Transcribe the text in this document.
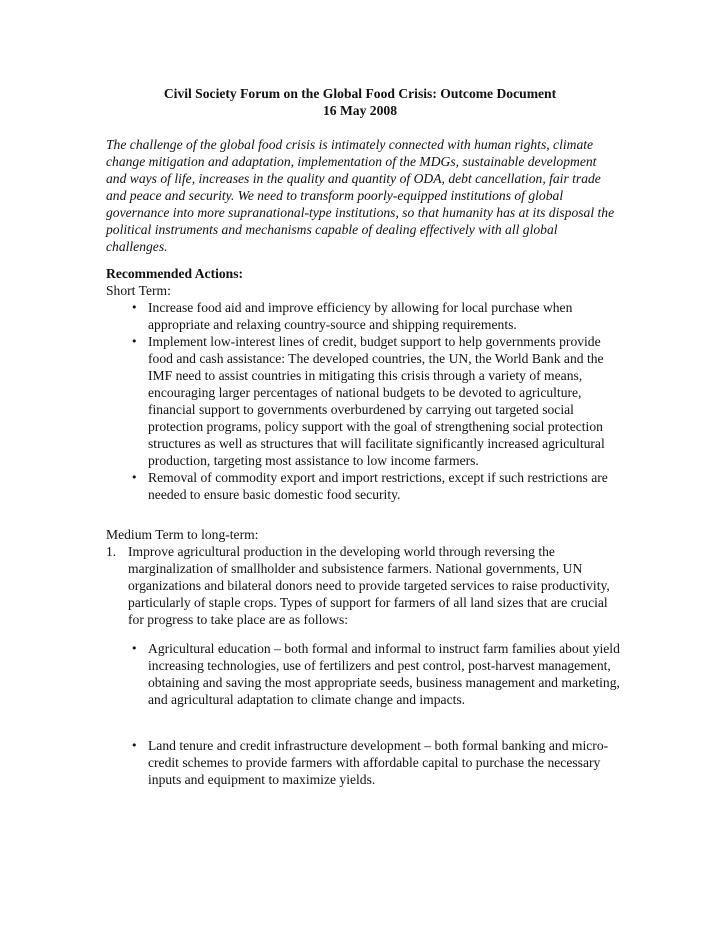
Civil Society Forum on the Global Food Crisis: Outcome Document
16 May 2008
The challenge of the global food crisis is intimately connected with human rights, climate change mitigation and adaptation, implementation of the MDGs, sustainable development and ways of life, increases in the quality and quantity of ODA, debt cancellation, fair trade and peace and security. We need to transform poorly-equipped institutions of global governance into more supranational-type institutions, so that humanity has at its disposal the political instruments and mechanisms capable of dealing effectively with all global challenges.
Recommended Actions:
Short Term:
• Increase food aid and improve efficiency by allowing for local purchase when appropriate and relaxing country-source and shipping requirements.
• Implement low-interest lines of credit, budget support to help governments provide food and cash assistance: The developed countries, the UN, the World Bank and the IMF need to assist countries in mitigating this crisis through a variety of means, encouraging larger percentages of national budgets to be devoted to agriculture, financial support to governments overburdened by carrying out targeted social protection programs, policy support with the goal of strengthening social protection structures as well as structures that will facilitate significantly increased agricultural production, targeting most assistance to low income farmers.
• Removal of commodity export and import restrictions, except if such restrictions are needed to ensure basic domestic food security.
Medium Term to long-term:
1. Improve agricultural production in the developing world through reversing the marginalization of smallholder and subsistence farmers. National governments, UN organizations and bilateral donors need to provide targeted services to raise productivity, particularly of staple crops. Types of support for farmers of all land sizes that are crucial for progress to take place are as follows:
• Agricultural education – both formal and informal to instruct farm families about yield increasing technologies, use of fertilizers and pest control, post-harvest management, obtaining and saving the most appropriate seeds, business management and marketing, and agricultural adaptation to climate change and impacts.
• Land tenure and credit infrastructure development – both formal banking and micro-credit schemes to provide farmers with affordable capital to purchase the necessary inputs and equipment to maximize yields.
